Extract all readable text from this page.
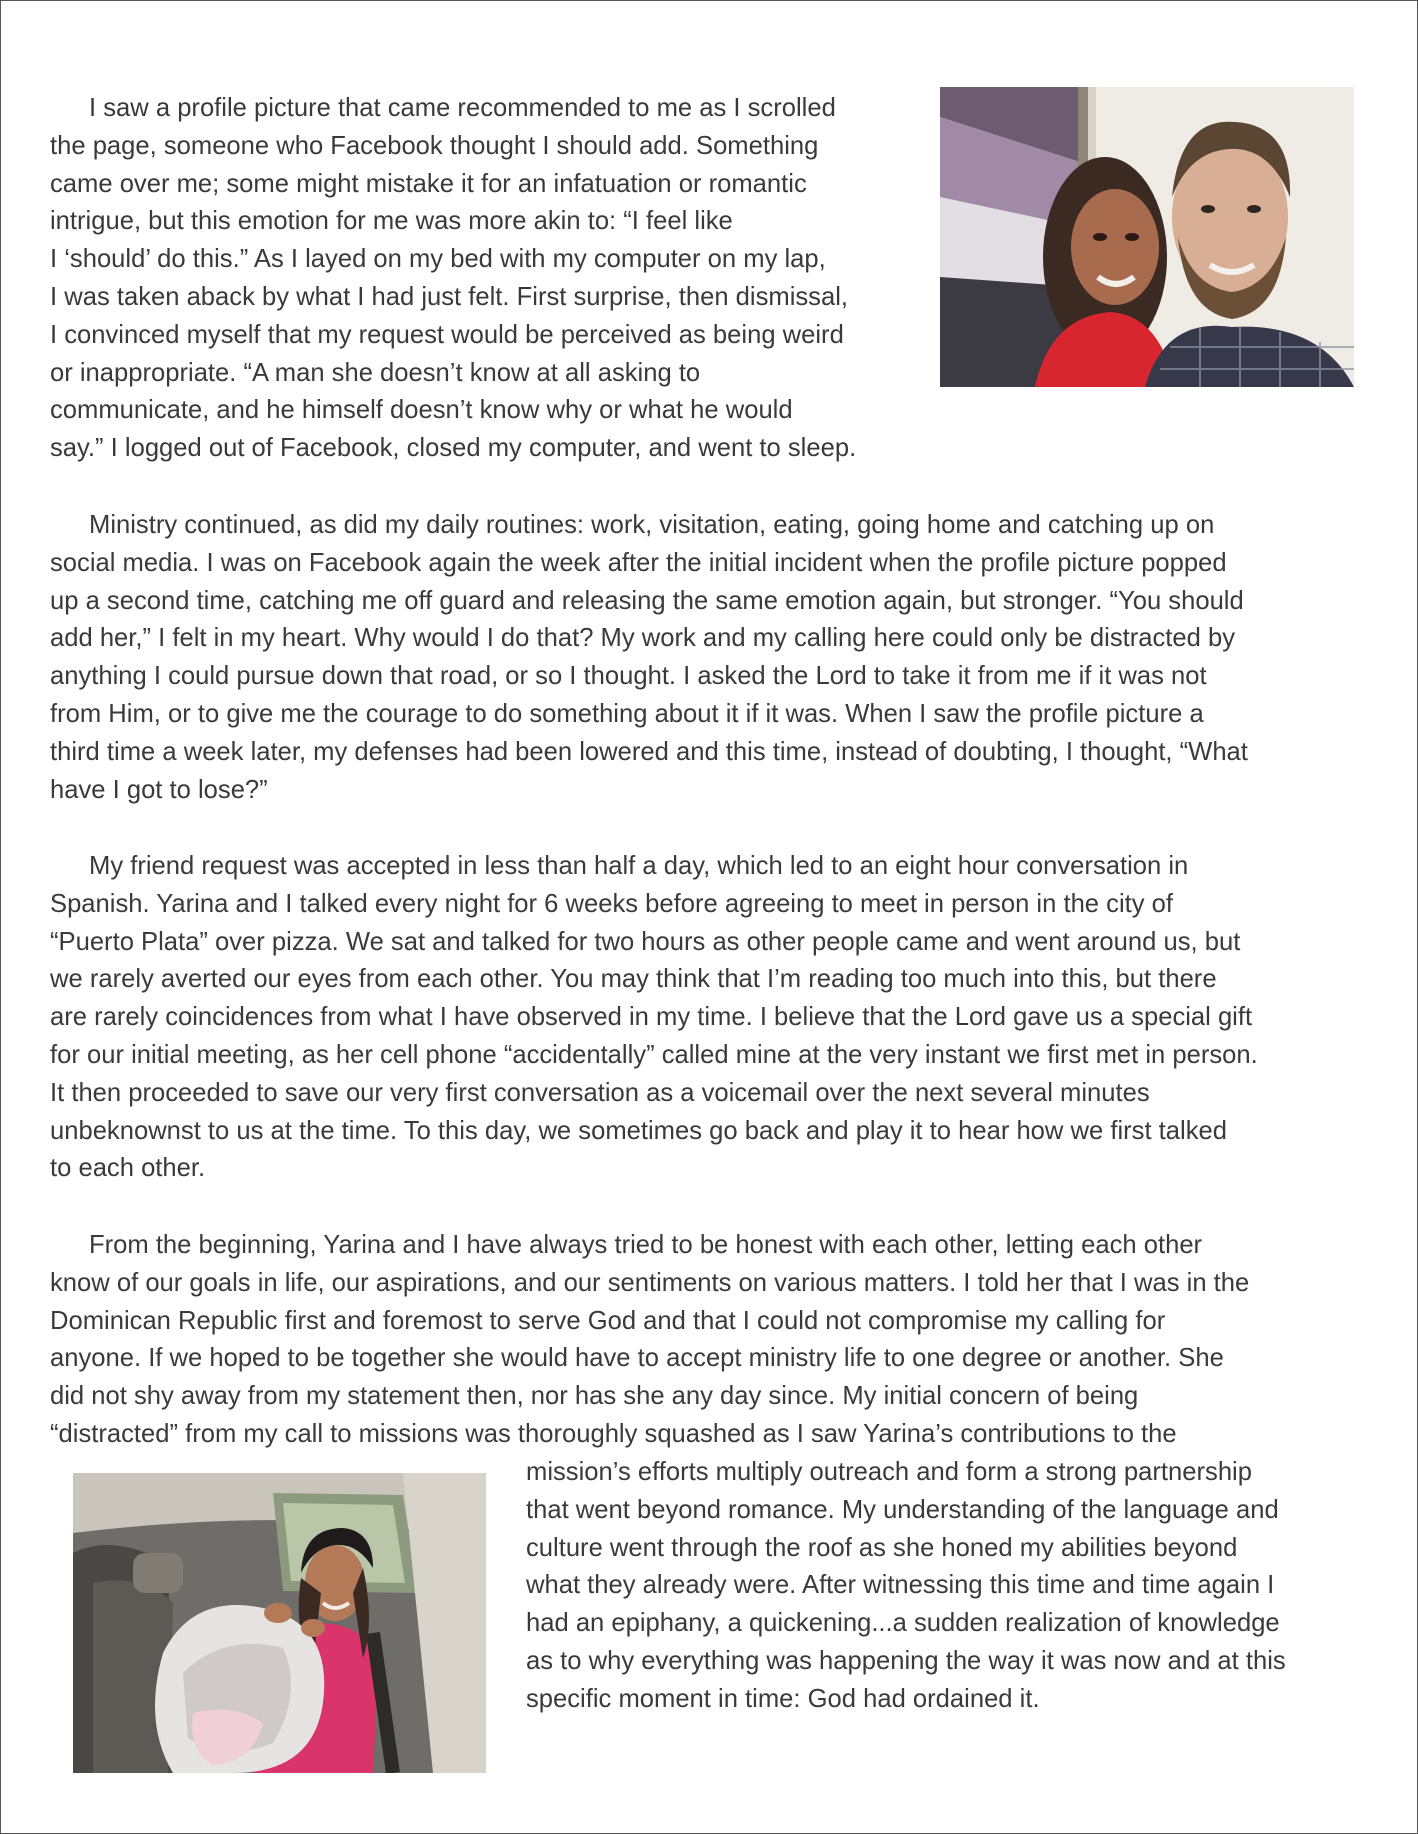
I saw a profile picture that came recommended to me as I scrolled
the page, someone who Facebook thought I should add. Something
came over me; some might mistake it for an infatuation or romantic
intrigue, but this emotion for me was more akin to: “I feel like
I ‘should’ do this.” As I layed on my bed with my computer on my lap,
I was taken aback by what I had just felt. First surprise, then dismissal,
I convinced myself that my request would be perceived as being weird
or inappropriate. “A man she doesn’t know at all asking to
communicate, and he himself doesn’t know why or what he would
say.” I logged out of Facebook, closed my computer, and went to sleep.
Ministry continued, as did my daily routines: work, visitation, eating, going home and catching up on
social media. I was on Facebook again the week after the initial incident when the profile picture popped
up a second time, catching me off guard and releasing the same emotion again, but stronger. “You should
add her,” I felt in my heart. Why would I do that? My work and my calling here could only be distracted by
anything I could pursue down that road, or so I thought. I asked the Lord to take it from me if it was not
from Him, or to give me the courage to do something about it if it was. When I saw the profile picture a
third time a week later, my defenses had been lowered and this time, instead of doubting, I thought, “What
have I got to lose?”
My friend request was accepted in less than half a day, which led to an eight hour conversation in
Spanish. Yarina and I talked every night for 6 weeks before agreeing to meet in person in the city of
“Puerto Plata” over pizza. We sat and talked for two hours as other people came and went around us, but
we rarely averted our eyes from each other. You may think that I’m reading too much into this, but there
are rarely coincidences from what I have observed in my time. I believe that the Lord gave us a special gift
for our initial meeting, as her cell phone “accidentally” called mine at the very instant we first met in person.
It then proceeded to save our very first conversation as a voicemail over the next several minutes
unbeknownst to us at the time. To this day, we sometimes go back and play it to hear how we first talked
to each other.
From the beginning, Yarina and I have always tried to be honest with each other, letting each other
know of our goals in life, our aspirations, and our sentiments on various matters. I told her that I was in the
Dominican Republic first and foremost to serve God and that I could not compromise my calling for
anyone. If we hoped to be together she would have to accept ministry life to one degree or another. She
did not shy away from my statement then, nor has she any day since. My initial concern of being
“distracted” from my call to missions was thoroughly squashed as I saw Yarina’s contributions to the
mission’s efforts multiply outreach and form a strong partnership
that went beyond romance. My understanding of the language and
culture went through the roof as she honed my abilities beyond
what they already were. After witnessing this time and time again I
had an epiphany, a quickening...a sudden realization of knowledge
as to why everything was happening the way it was now and at this
specific moment in time: God had ordained it.
